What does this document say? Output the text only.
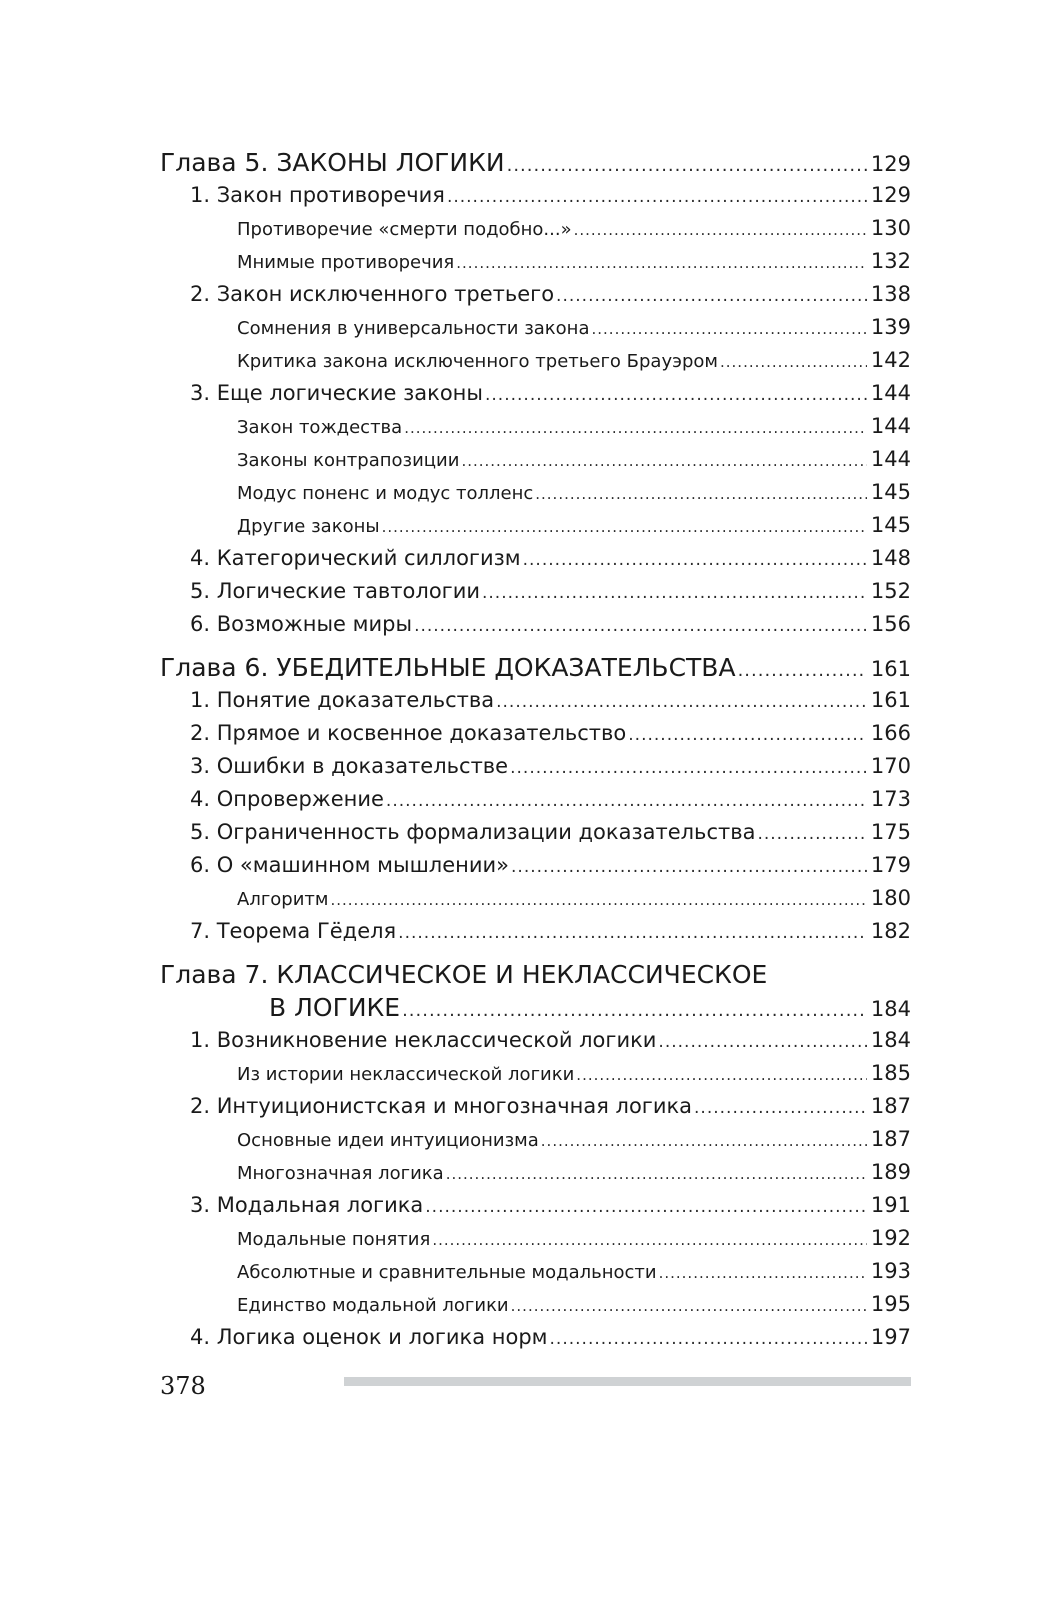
Глава 5. ЗАКОНЫ ЛОГИКИ .....	129
1. Закон противоречия .....	129
Противоречие «смерти подобно...» .....	130
Мнимые противоречия .....	132
2. Закон исключенного третьего .....	138
Сомнения в универсальности закона .....	139
Критика закона исключенного третьего Брауэром .....	142
3. Еще логические законы .....	144
Закон тождества .....	144
Законы контрапозиции .....	144
Модус поненс и модус толленс .....	145
Другие законы .....	145
4. Категорический силлогизм .....	148
5. Логические тавтологии .....	152
6. Возможные миры .....	156
Глава 6. УБЕДИТЕЛЬНЫЕ ДОКАЗАТЕЛЬСТВА .....	161
1. Понятие доказательства .....	161
2. Прямое и косвенное доказательство .....	166
3. Ошибки в доказательстве .....	170
4. Опровержение .....	173
5. Ограниченность формализации доказательства .....	175
6. О «машинном мышлении» .....	179
Алгоритм .....	180
7. Теорема Гёделя .....	182
Глава 7. КЛАССИЧЕСКОЕ И НЕКЛАССИЧЕСКОЕ
В ЛОГИКЕ .....	184
1. Возникновение неклассической логики .....	184
Из истории неклассической логики .....	185
2. Интуиционистская и многозначная логика .....	187
Основные идеи интуиционизма .....	187
Многозначная логика .....	189
3. Модальная логика .....	191
Модальные понятия .....	192
Абсолютные и сравнительные модальности .....	193
Единство модальной логики .....	195
4. Логика оценок и логика норм .....	197
378
